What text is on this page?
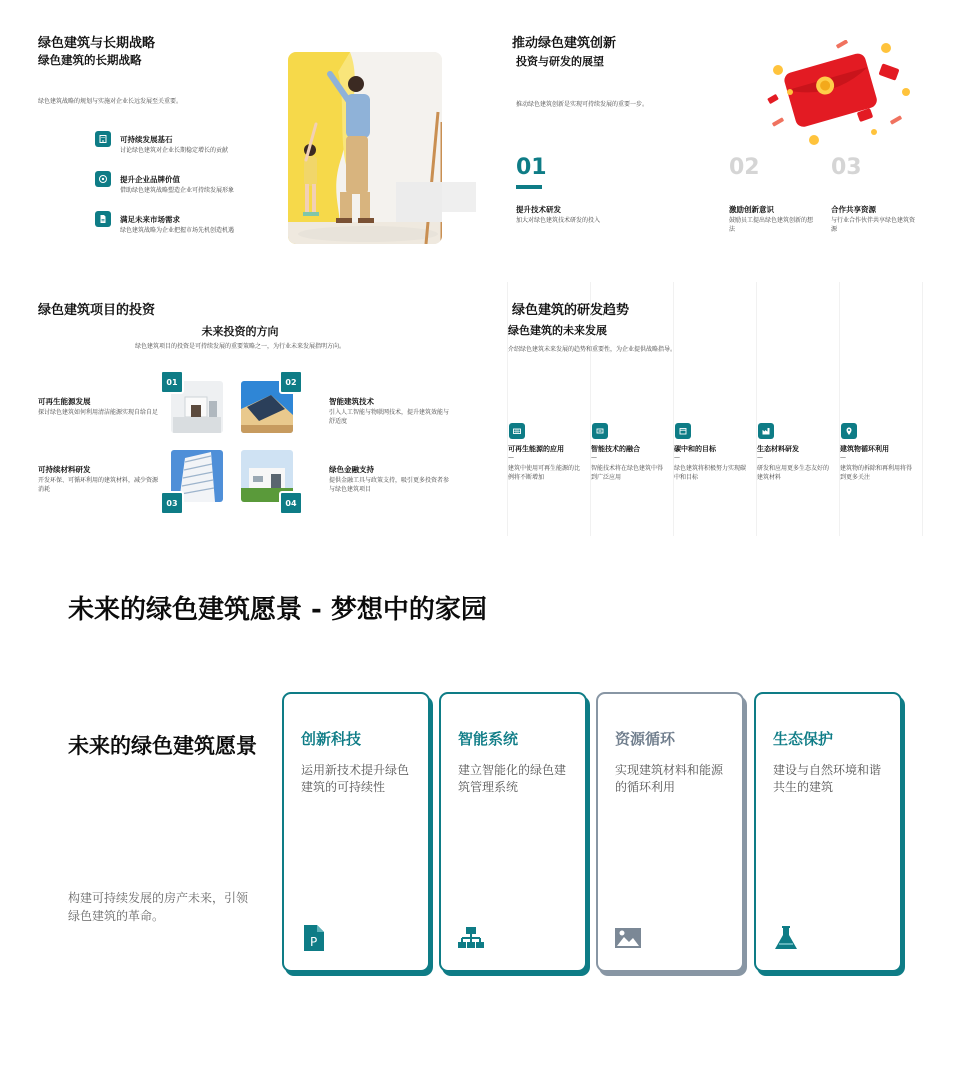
绿色建筑与长期战略
绿色建筑的长期战略
绿色建筑战略的规划与实施对企业长远发展至关重要。
可持续发展基石
讨论绿色建筑对企业长期稳定增长的贡献
提升企业品牌价值
借助绿色建筑战略塑造企业可持续发展形象
满足未来市场需求
绿色建筑战略为企业把握市场先机创造机遇
推动绿色建筑创新
投资与研发的展望
推动绿色建筑创新是实现可持续发展的重要一步。
01
提升技术研发
加大对绿色建筑技术研发的投入
02
激励创新意识
鼓励员工提出绿色建筑创新的想法
03
合作共享资源
与行业合作伙伴共享绿色建筑资源
绿色建筑项目的投资
未来投资的方向
绿色建筑项目的投资是可持续发展的重要策略之一，为行业未来发展指明方向。
可再生能源发展
探讨绿色建筑如何利用清洁能源实现自给自足
智能建筑技术
引入人工智能与物联网技术，提升建筑效能与舒适度
可持续材料研发
开发环保、可循环利用的建筑材料，减少资源消耗
绿色金融支持
提供金融工具与政策支持，吸引更多投资者参与绿色建筑项目
01	02
03	04
绿色建筑的研发趋势
绿色建筑的未来发展
介绍绿色建筑未来发展的趋势和重要性，为企业提供战略指导。
可再生能源的应用
—
建筑中使用可再生能源的比例将不断增加
智能技术的融合
—
智能技术将在绿色建筑中得到广泛应用
碳中和的目标
—
绿色建筑将积极努力实现碳中和目标
生态材料研发
—
研发和应用更多生态友好的建筑材料
建筑物循环利用
—
建筑物的拆除和再利用将得到更多关注
未来的绿色建筑愿景 - 梦想中的家园
未来的绿色建筑愿景
构建可持续发展的房产未来，引领绿色建筑的革命。
创新科技
运用新技术提升绿色建筑的可持续性
P
智能系统
建立智能化的绿色建筑管理系统
资源循环
实现建筑材料和能源的循环利用
生态保护
建设与自然环境和谐共生的建筑
